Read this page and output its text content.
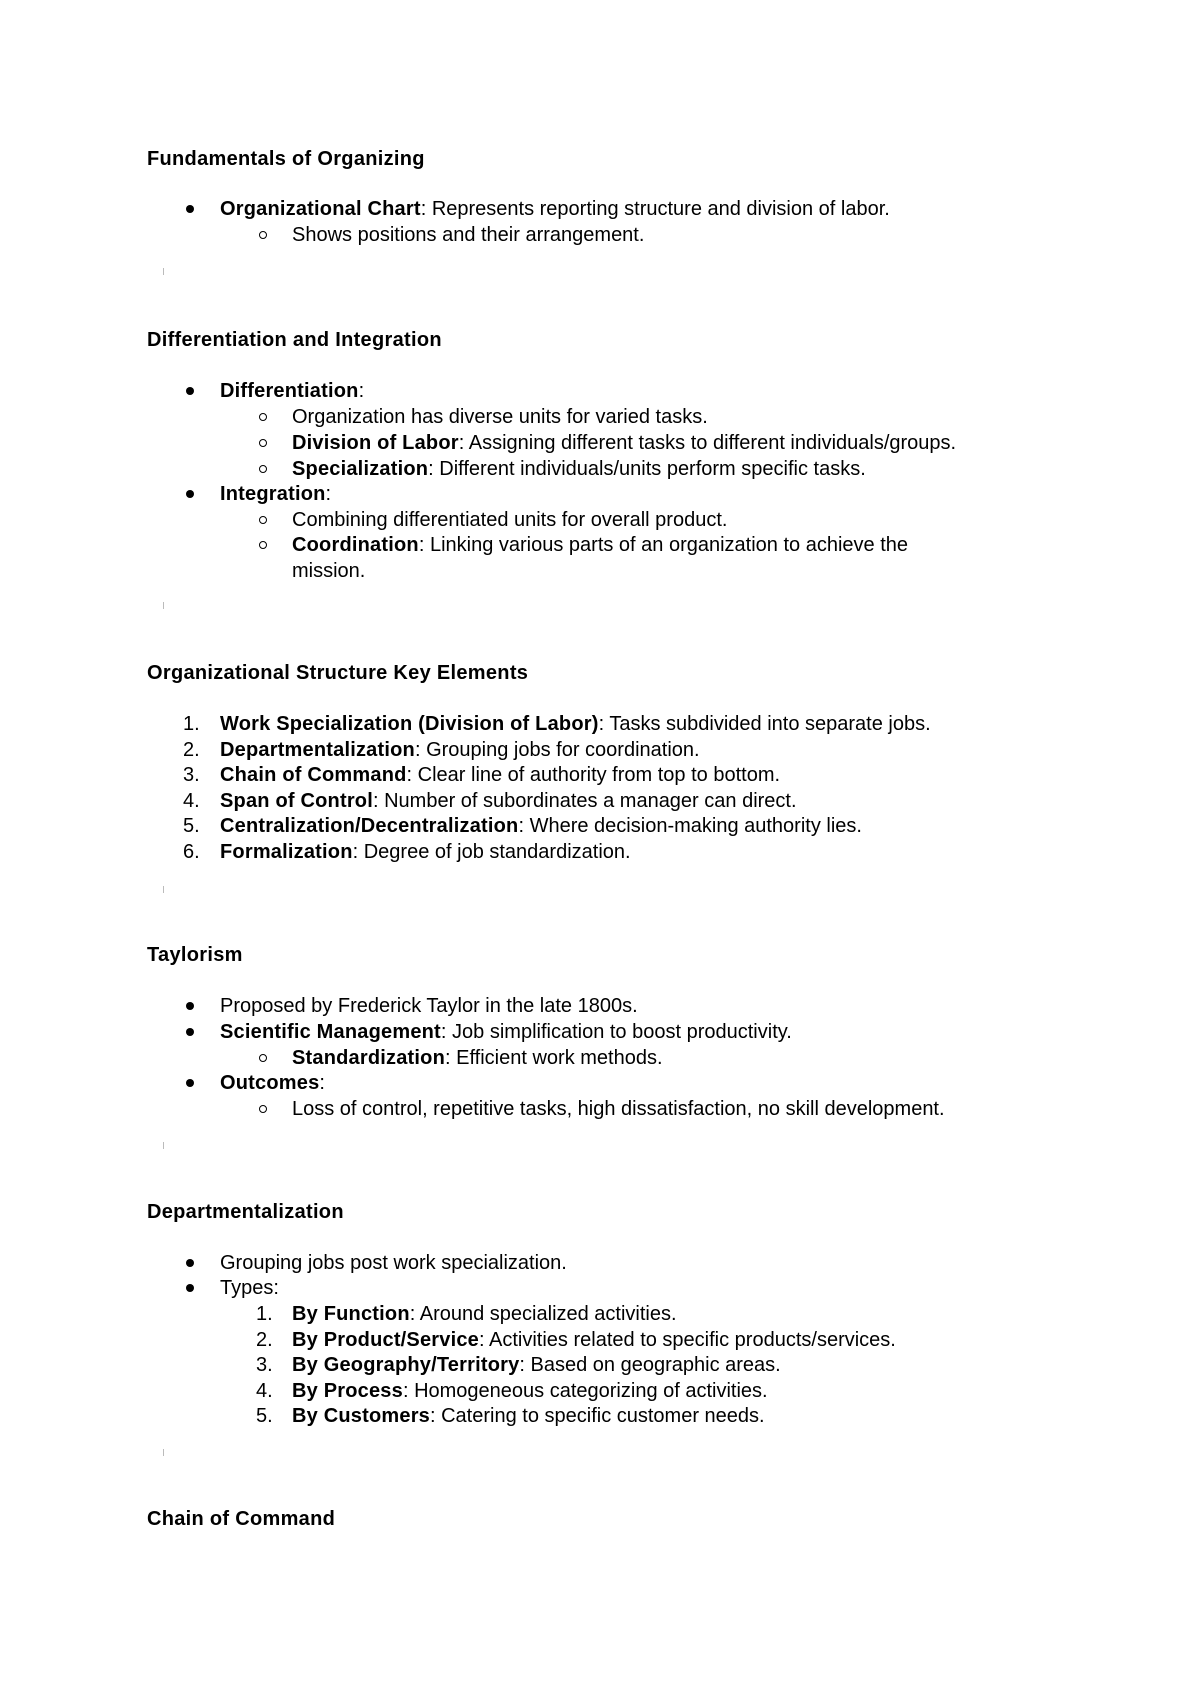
Fundamentals of Organizing
Organizational Chart: Represents reporting structure and division of labor.
Shows positions and their arrangement.
Differentiation and Integration
Differentiation:
Organization has diverse units for varied tasks.
Division of Labor: Assigning different tasks to different individuals/groups.
Specialization: Different individuals/units perform specific tasks.
Integration:
Combining differentiated units for overall product.
Coordination: Linking various parts of an organization to achieve the
mission.
Organizational Structure Key Elements
1. Work Specialization (Division of Labor): Tasks subdivided into separate jobs.
2. Departmentalization: Grouping jobs for coordination.
3. Chain of Command: Clear line of authority from top to bottom.
4. Span of Control: Number of subordinates a manager can direct.
5. Centralization/Decentralization: Where decision-making authority lies.
6. Formalization: Degree of job standardization.
Taylorism
Proposed by Frederick Taylor in the late 1800s.
Scientific Management: Job simplification to boost productivity.
Standardization: Efficient work methods.
Outcomes:
Loss of control, repetitive tasks, high dissatisfaction, no skill development.
Departmentalization
Grouping jobs post work specialization.
Types:
1. By Function: Around specialized activities.
2. By Product/Service: Activities related to specific products/services.
3. By Geography/Territory: Based on geographic areas.
4. By Process: Homogeneous categorizing of activities.
5. By Customers: Catering to specific customer needs.
Chain of Command
